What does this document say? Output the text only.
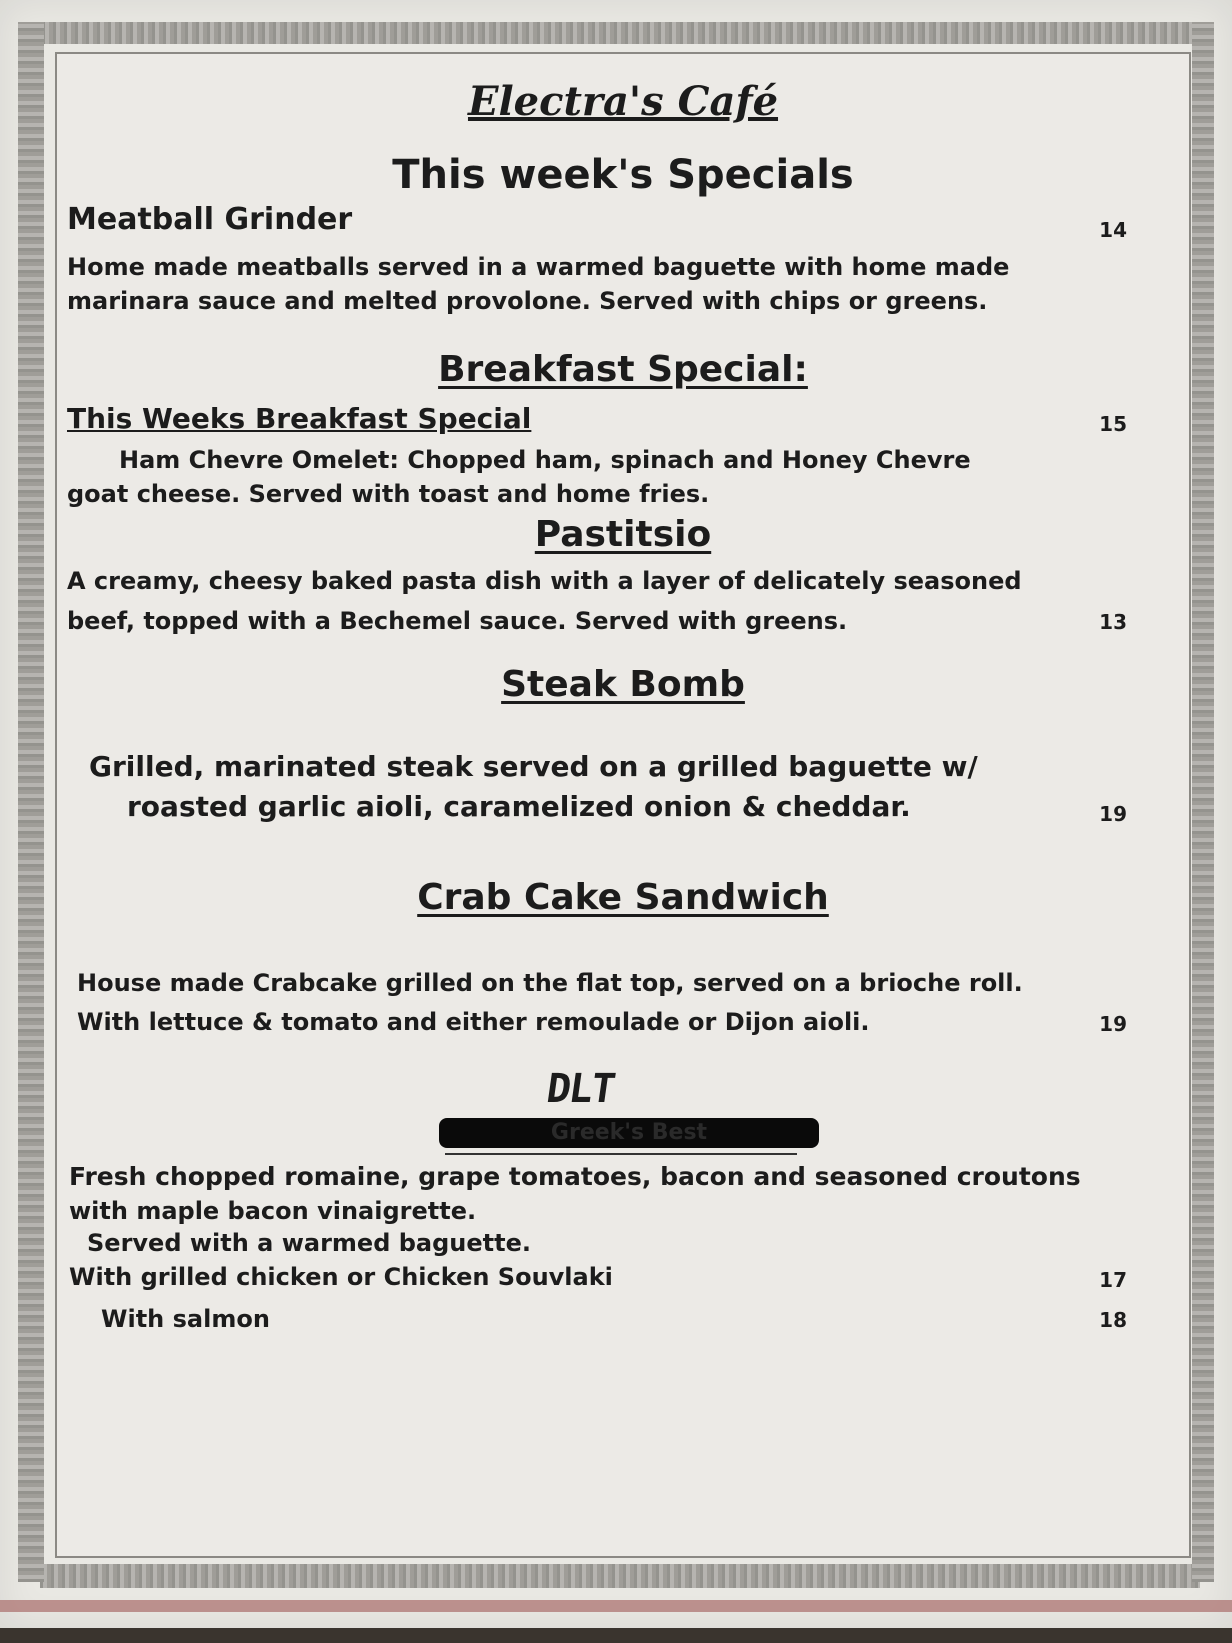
Electra's Café
This week's Specials
Meatball Grinder	14
Home made meatballs served in a warmed baguette with home made
marinara sauce and melted provolone. Served with chips or greens.
Breakfast Special:
This Weeks Breakfast Special	15
Ham Chevre Omelet: Chopped ham, spinach and Honey Chevre
goat cheese. Served with toast and home fries.
Pastitsio
A creamy, cheesy baked pasta dish with a layer of delicately seasoned
beef, topped with a Bechemel sauce. Served with greens.	13
Steak Bomb
Grilled, marinated steak served on a grilled baguette w/
roasted garlic aioli, caramelized onion & cheddar.	19
Crab Cake Sandwich
House made Crabcake grilled on the flat top, served on a brioche roll.
With lettuce & tomato and either remoulade or Dijon aioli.	19
DLT
Greek's Best
Fresh chopped romaine, grape tomatoes, bacon and seasoned croutons
with maple bacon vinaigrette.
Served with a warmed baguette.
With grilled chicken or Chicken Souvlaki	17
With salmon	18
